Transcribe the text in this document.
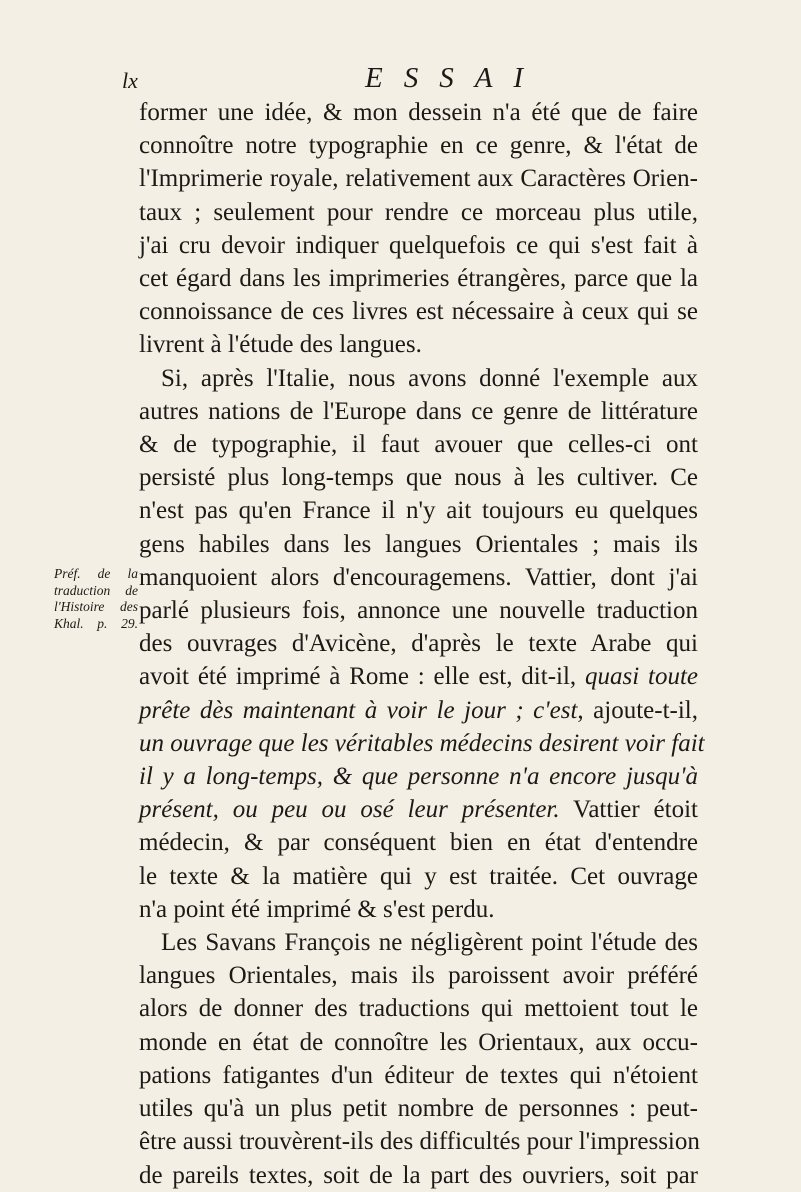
lx	ESSAI
Préf. de la
traduction de
l'Histoire des
Khal. p. 29.
former une idée, & mon dessein n'a été que de faire
connoître notre typographie en ce genre, & l'état de
l'Imprimerie royale, relativement aux Caractères Orien-
taux ; seulement pour rendre ce morceau plus utile,
j'ai cru devoir indiquer quelquefois ce qui s'est fait à
cet égard dans les imprimeries étrangères, parce que la
connoissance de ces livres est nécessaire à ceux qui se
livrent à l'étude des langues.
Si, après l'Italie, nous avons donné l'exemple aux
autres nations de l'Europe dans ce genre de littérature
& de typographie, il faut avouer que celles-ci ont
persisté plus long-temps que nous à les cultiver. Ce
n'est pas qu'en France il n'y ait toujours eu quelques
gens habiles dans les langues Orientales ; mais ils
manquoient alors d'encouragemens. Vattier, dont j'ai
parlé plusieurs fois, annonce une nouvelle traduction
des ouvrages d'Avicène, d'après le texte Arabe qui
avoit été imprimé à Rome : elle est, dit-il, quasi toute
prête dès maintenant à voir le jour ; c'est, ajoute-t-il,
un ouvrage que les véritables médecins desirent voir fait
il y a long-temps, & que personne n'a encore jusqu'à
présent, ou peu ou osé leur présenter. Vattier étoit
médecin, & par conséquent bien en état d'entendre
le texte & la matière qui y est traitée. Cet ouvrage
n'a point été imprimé & s'est perdu.
Les Savans François ne négligèrent point l'étude des
langues Orientales, mais ils paroissent avoir préféré
alors de donner des traductions qui mettoient tout le
monde en état de connoître les Orientaux, aux occu-
pations fatigantes d'un éditeur de textes qui n'étoient
utiles qu'à un plus petit nombre de personnes : peut-
être aussi trouvèrent-ils des difficultés pour l'impression
de pareils textes, soit de la part des ouvriers, soit par
